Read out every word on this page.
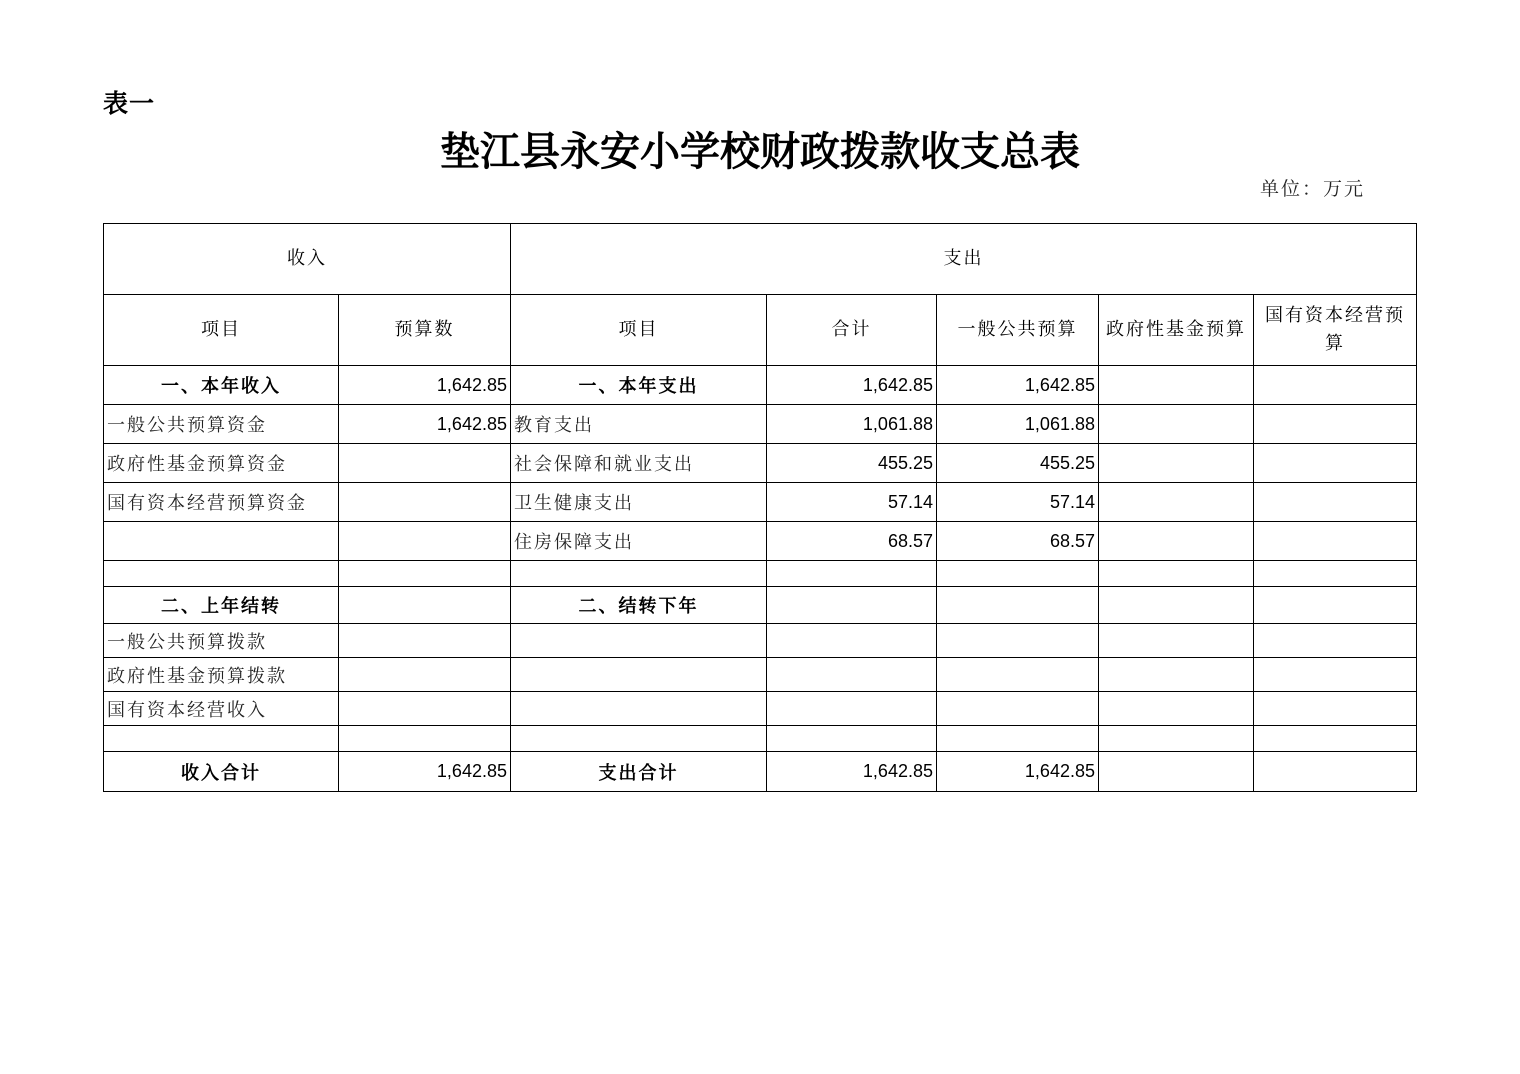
表一
垫江县永安小学校财政拨款收支总表
单位：万元
收入		支出				
项目	预算数	项目	合计	一般公共预算	政府性基金预算	国有资本经营预算
一、本年收入	1,642.85	一、本年支出	1,642.85	1,642.85		
一般公共预算资金	1,642.85	教育支出	1,061.88	1,061.88		
政府性基金预算资金		社会保障和就业支出	455.25	455.25		
国有资本经营预算资金		卫生健康支出	57.14	57.14		
		住房保障支出	68.57	68.57		

二、上年结转		二、结转下年				
一般公共预算拨款						
政府性基金预算拨款						
国有资本经营收入						

收入合计	1,642.85	支出合计	1,642.85	1,642.85		
